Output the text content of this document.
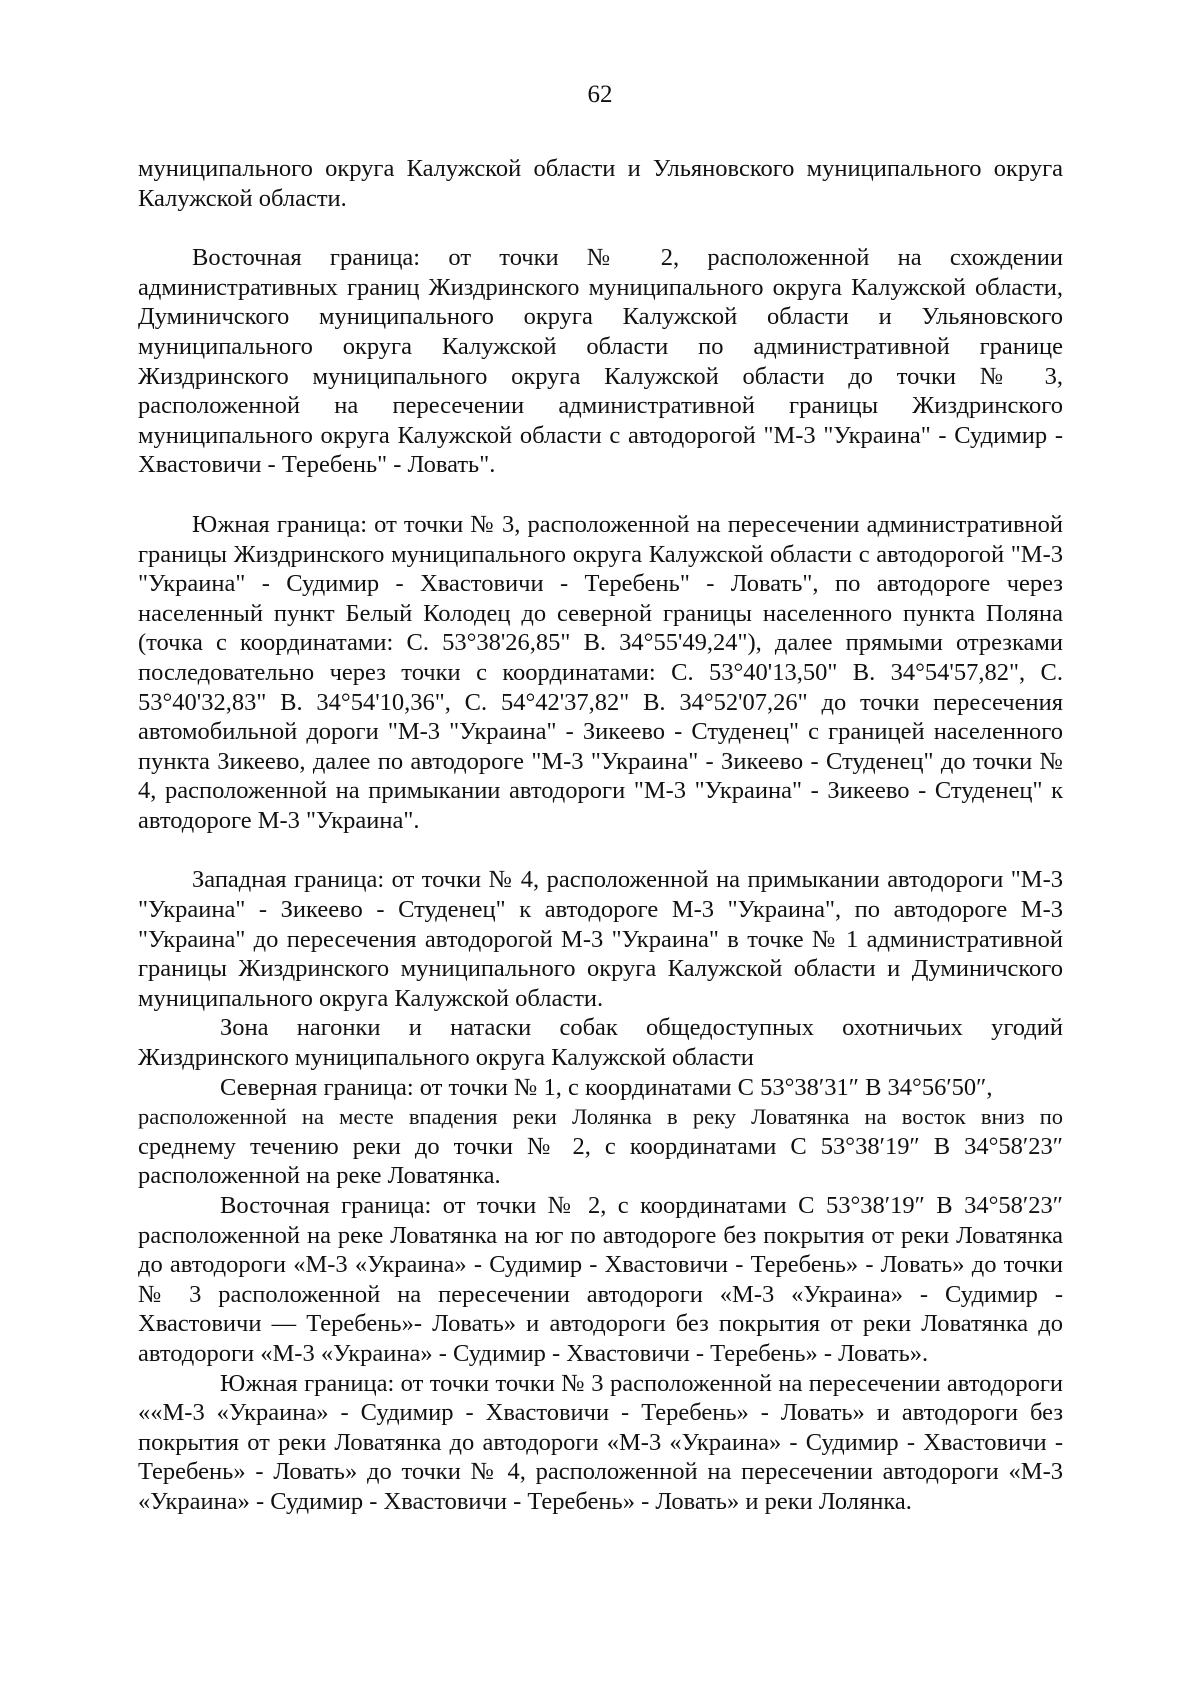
62

муниципального округа Калужской области и Ульяновского муниципального округа Калужской области.

Восточная граница: от точки № 2, расположенной на схождении административных границ Жиздринского муниципального округа Калужской области, Думиничского муниципального округа Калужской области и Ульяновского муниципального округа Калужской области по административной границе Жиздринского муниципального округа Калужской области до точки № 3, расположенной на пересечении административной границы Жиздринского муниципального округа Калужской области с автодорогой "М-3 "Украина" - Судимир - Хвастовичи - Теребень" - Ловать".

Южная граница: от точки № 3, расположенной на пересечении административной границы Жиздринского муниципального округа Калужской области с автодорогой "М-3 "Украина" - Судимир - Хвастовичи - Теребень" - Ловать", по автодороге через населенный пункт Белый Колодец до северной границы населенного пункта Поляна (точка с координатами: С. 53°38'26,85" В. 34°55'49,24"), далее прямыми отрезками последовательно через точки с координатами: С. 53°40'13,50" В. 34°54'57,82", С. 53°40'32,83" В. 34°54'10,36", С. 54°42'37,82" В. 34°52'07,26" до точки пересечения автомобильной дороги "М-3 "Украина" - Зикеево - Студенец" с границей населенного пункта Зикеево, далее по автодороге "М-3 "Украина" - Зикеево - Студенец" до точки № 4, расположенной на примыкании автодороги "М-3 "Украина" - Зикеево - Студенец" к автодороге М-3 "Украина".

Западная граница: от точки № 4, расположенной на примыкании автодороги "М-3 "Украина" - Зикеево - Студенец" к автодороге М-3 "Украина", по автодороге М-3 "Украина" до пересечения автодорогой М-3 "Украина" в точке № 1 административной границы Жиздринского муниципального округа Калужской области и Думиничского муниципального округа Калужской области.

Зона нагонки и натаски собак общедоступных охотничьих угодий Жиздринского муниципального округа Калужской области

Северная граница: от точки № 1, с координатами С 53°38′31″ В 34°56′50″,

расположенной на месте впадения реки Лолянка в реку Ловатянка на восток вниз по

среднему течению реки до точки № 2, с координатами С 53°38′19″ В 34°58′23″ расположенной на реке Ловатянка.

Восточная граница: от точки № 2, с координатами С 53°38′19″ В 34°58′23″ расположенной на реке Ловатянка на юг по автодороге без покрытия от реки Ловатянка до автодороги «М-3 «Украина» - Судимир - Хвастовичи - Теребень» - Ловать» до точки № 3 расположенной на пересечении автодороги «М-3 «Украина» - Судимир - Хвастовичи — Теребень»- Ловать» и автодороги без покрытия от реки Ловатянка до автодороги «М-3 «Украина» - Судимир - Хвастовичи - Теребень» - Ловать».

Южная граница: от точки точки № 3 расположенной на пересечении автодороги ««М-3 «Украина» - Судимир - Хвастовичи - Теребень» - Ловать» и автодороги без покрытия от реки Ловатянка до автодороги «М-3 «Украина» - Судимир - Хвастовичи - Теребень» - Ловать» до точки № 4, расположенной на пересечении автодороги «М-3 «Украина» - Судимир - Хвастовичи - Теребень» - Ловать» и реки Лолянка.
